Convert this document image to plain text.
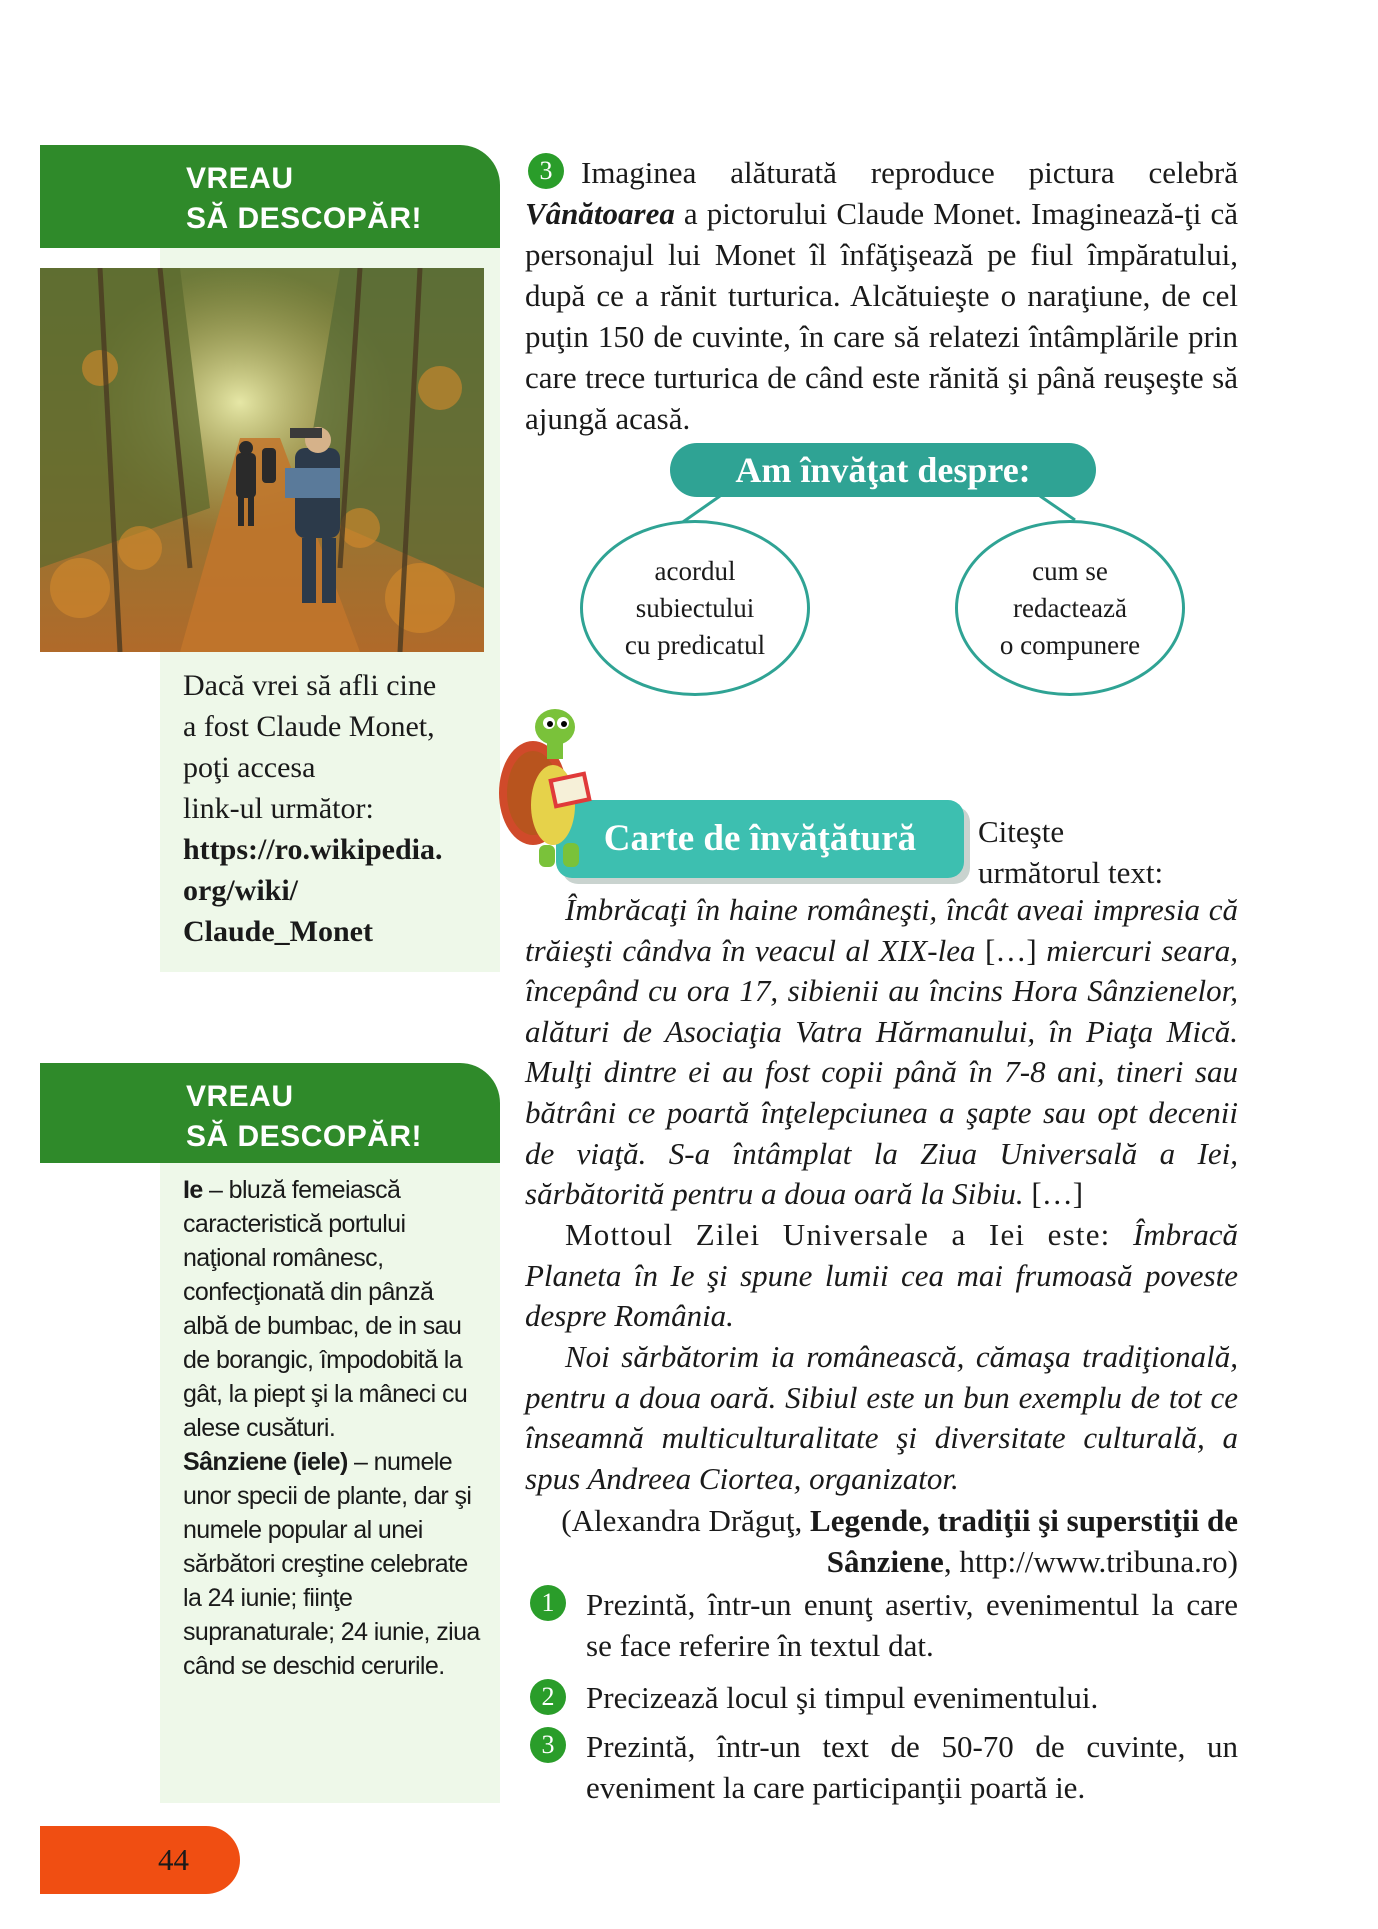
VREAU
SĂ DESCOPĂR!
Dacă vrei să afli cine
a fost Claude Monet,
poţi accesa
link-ul următor:
https://ro.wikipedia.
org/wiki/
Claude_Monet
VREAU
SĂ DESCOPĂR!
Ie – bluză femeiască caracteristică portului naţional românesc, confecţionată din pânză albă de bumbac, de in sau de borangic, împodobită la gât, la piept şi la mâneci cu alese cusături.
Sânziene (iele) – numele unor specii de plante, dar şi numele popular al unei sărbători creştine celebrate la 24 iunie; fiinţe supranaturale; 24 iunie, ziua când se deschid cerurile.
44
3 Imaginea alăturată reproduce pictura celebră Vânătoarea a pictorului Claude Monet. Imaginează-ţi că personajul lui Monet îl înfăţişează pe fiul împăratului, după ce a rănit turturica. Alcătuieşte o naraţiune, de cel puţin 150 de cuvinte, în care să relatezi întâmplările prin care trece turturica de când este rănită şi până reuşeşte să ajungă acasă.
Am învăţat despre:
acordul
subiectului
cu predicatul
cum se
redactează
o compunere
Carte de învăţătură	Citeşte
următorul text:
Îmbrăcaţi în haine româneşti, încât aveai impresia că trăieşti cândva în veacul al XIX-lea […] miercuri seara, începând cu ora 17, sibienii au încins Hora Sânzienelor, alături de Asociaţia Vatra Hărmanului, în Piaţa Mică. Mulţi dintre ei au fost copii până în 7-8 ani, tineri sau bătrâni ce poartă înţelepciunea a şapte sau opt decenii de viaţă. S-a întâmplat la Ziua Universală a Iei, sărbătorită pentru a doua oară la Sibiu. […]
Mottoul Zilei Universale a Iei este: Îmbracă Planeta în Ie şi spune lumii cea mai frumoasă poveste despre România.
Noi sărbătorim ia românească, cămaşa tradiţională, pentru a doua oară. Sibiul este un bun exemplu de tot ce înseamnă multiculturalitate şi diversitate culturală, a spus Andreea Ciortea, organizator.
(Alexandra Drăguţ, Legende, tradiţii şi superstiţii de Sânziene, http://www.tribuna.ro)
1	Prezintă, într-un enunţ asertiv, evenimentul la care se face referire în textul dat.
2	Precizează locul şi timpul evenimentului.
3	Prezintă, într-un text de 50-70 de cuvinte, un eveniment la care participanţii poartă ie.
